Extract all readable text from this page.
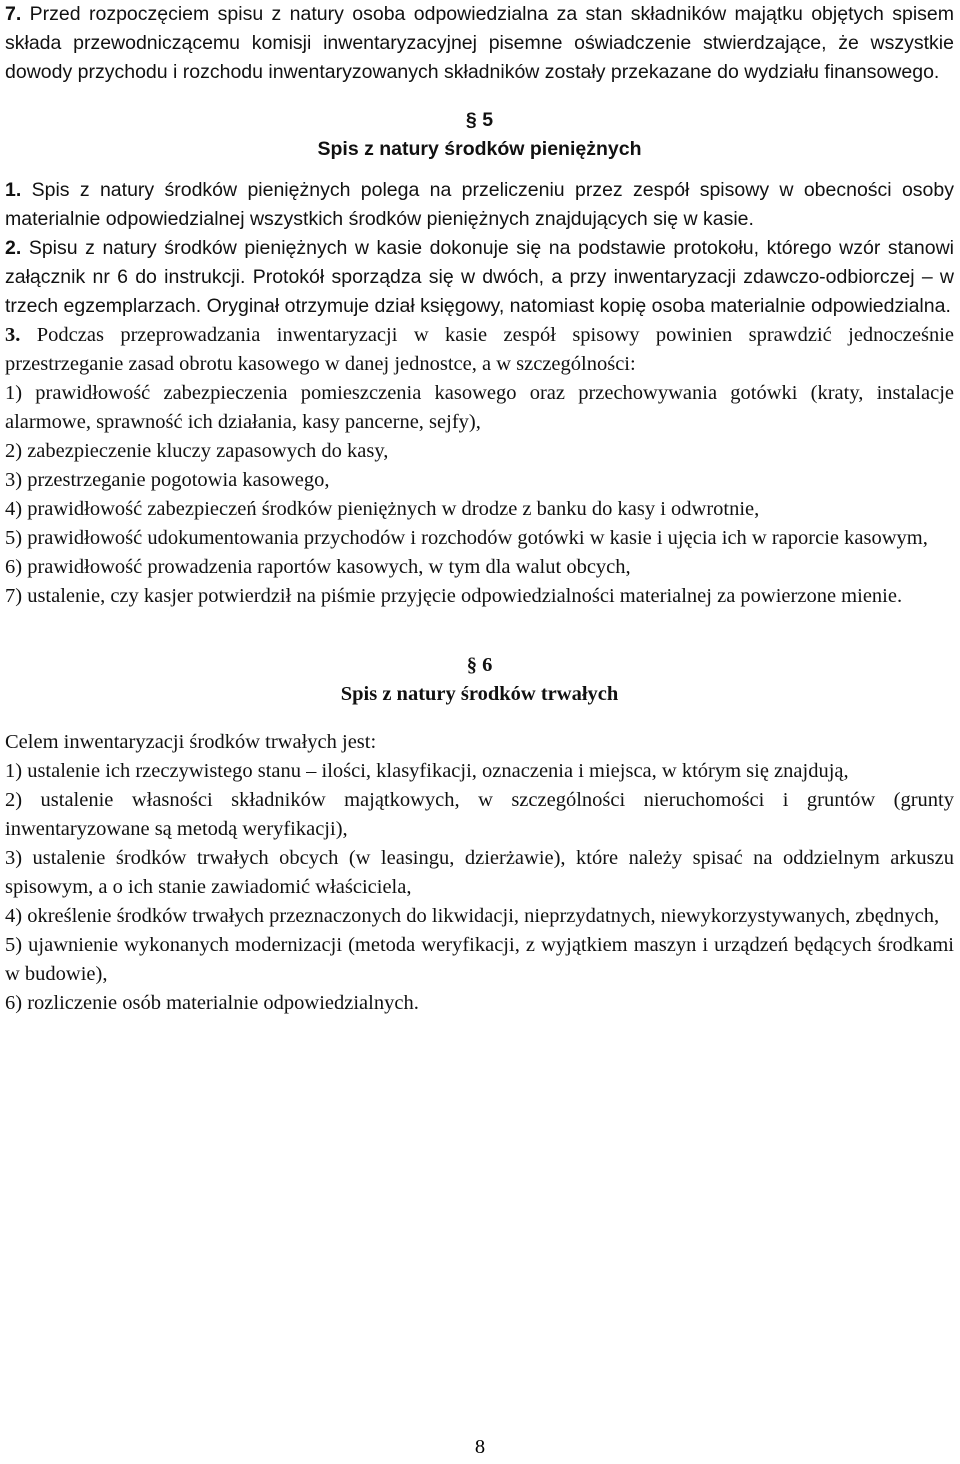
7. Przed rozpoczęciem spisu z natury osoba odpowiedzialna za stan składników majątku objętych spisem składa przewodniczącemu komisji inwentaryzacyjnej pisemne oświadczenie stwierdzające, że wszystkie dowody przychodu i rozchodu inwentaryzowanych składników zostały przekazane do wydziału finansowego.

§ 5
Spis z natury środków pieniężnych

1. Spis z natury środków pieniężnych polega na przeliczeniu przez zespół spisowy w obecności osoby materialnie odpowiedzialnej wszystkich środków pieniężnych znajdujących się w kasie.

2. Spisu z natury środków pieniężnych w kasie dokonuje się na podstawie protokołu, którego wzór stanowi załącznik nr 6 do instrukcji. Protokół sporządza się w dwóch, a przy inwentaryzacji zdawczo-odbiorczej – w trzech egzemplarzach. Oryginał otrzymuje dział księgowy, natomiast kopię osoba materialnie odpowiedzialna.

3. Podczas przeprowadzania inwentaryzacji w kasie zespół spisowy powinien sprawdzić jednocześnie przestrzeganie zasad obrotu kasowego w danej jednostce, a w szczególności:

1) prawidłowość zabezpieczenia pomieszczenia kasowego oraz przechowywania gotówki (kraty, instalacje alarmowe, sprawność ich działania, kasy pancerne, sejfy),

2) zabezpieczenie kluczy zapasowych do kasy,

3) przestrzeganie pogotowia kasowego,

4) prawidłowość zabezpieczeń środków pieniężnych w drodze z banku do kasy i odwrotnie,

5) prawidłowość udokumentowania przychodów i rozchodów gotówki w kasie i ujęcia ich w raporcie kasowym,

6) prawidłowość prowadzenia raportów kasowych, w tym dla walut obcych,

7) ustalenie, czy kasjer potwierdził na piśmie przyjęcie odpowiedzialności materialnej za powierzone mienie.

§ 6
Spis z natury środków trwałych

Celem inwentaryzacji środków trwałych jest:

1) ustalenie ich rzeczywistego stanu – ilości, klasyfikacji, oznaczenia i miejsca, w którym się znajdują,

2) ustalenie własności składników majątkowych, w szczególności nieruchomości i gruntów (grunty inwentaryzowane są metodą weryfikacji),

3) ustalenie środków trwałych obcych (w leasingu, dzierżawie), które należy spisać na oddzielnym arkuszu spisowym, a o ich stanie zawiadomić właściciela,

4) określenie środków trwałych przeznaczonych do likwidacji, nieprzydatnych, niewykorzystywanych, zbędnych,

5) ujawnienie wykonanych modernizacji (metoda weryfikacji, z wyjątkiem maszyn i urządzeń będących środkami w budowie),

6) rozliczenie osób materialnie odpowiedzialnych.

8
